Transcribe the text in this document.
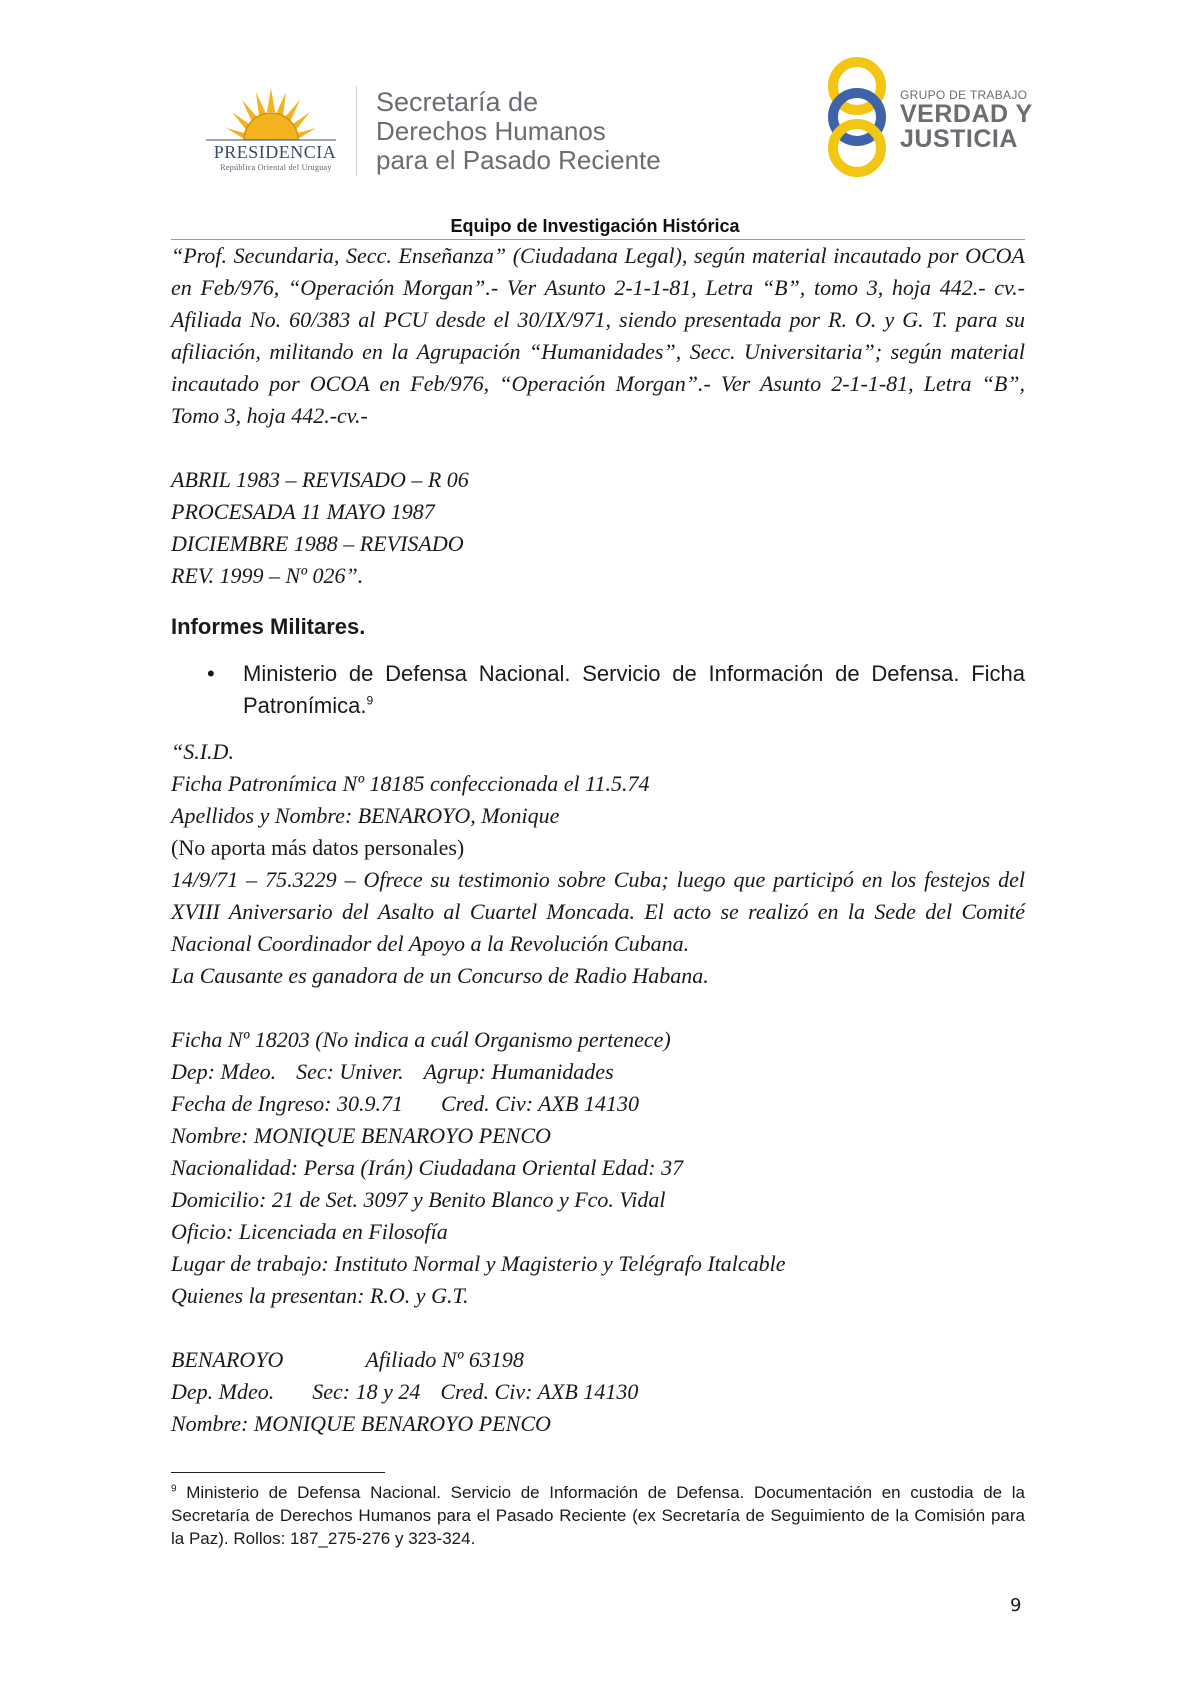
PRESIDENCIA
República Oriental del Uruguay
Secretaría de
Derechos Humanos
para el Pasado Reciente
GRUPO DE TRABAJO
VERDAD Y
JUSTICIA
Equipo de Investigación Histórica

“Prof. Secundaria, Secc. Enseñanza” (Ciudadana Legal), según material incautado por OCOA en Feb/976, “Operación Morgan”.- Ver Asunto 2-1-1-81, Letra “B”, tomo 3, hoja 442.- cv.- Afiliada No. 60/383 al PCU desde el 30/IX/971, siendo presentada por R. O. y G. T. para su afiliación, militando en la Agrupación “Humanidades”, Secc. Universitaria”; según material incautado por OCOA en Feb/976, “Operación Morgan”.- Ver Asunto 2-1-1-81, Letra “B”, Tomo 3, hoja 442.-cv.-

ABRIL 1983 – REVISADO – R 06

PROCESADA 11 MAYO 1987

DICIEMBRE 1988 – REVISADO

REV. 1999 – Nº 026”.

Informes Militares.
•	Ministerio de Defensa Nacional. Servicio de Información de Defensa. Ficha Patronímica.$^9$

“S.I.D.

Ficha Patronímica Nº 18185 confeccionada el 11.5.74

Apellidos y Nombre: BENAROYO, Monique

(No aporta más datos personales)

14/9/71 – 75.3229 – Ofrece su testimonio sobre Cuba; luego que participó en los festejos del XVIII Aniversario del Asalto al Cuartel Moncada. El acto se realizó en la Sede del Comité Nacional Coordinador del Apoyo a la Revolución Cubana.

La Causante es ganadora de un Concurso de Radio Habana.

Ficha Nº 18203 (No indica a cuál Organismo pertenece)

Dep: Mdeo. Sec: Univer. Agrup: Humanidades

Fecha de Ingreso: 30.9.71 Cred. Civ: AXB 14130

Nombre: MONIQUE BENAROYO PENCO

Nacionalidad: Persa (Irán) Ciudadana Oriental Edad: 37

Domicilio: 21 de Set. 3097 y Benito Blanco y Fco. Vidal

Oficio: Licenciada en Filosofía

Lugar de trabajo: Instituto Normal y Magisterio y Telégrafo Italcable

Quienes la presentan: R.O. y G.T.

BENAROYO	Afiliado Nº 63198

Dep. Mdeo. Sec: 18 y 24 Cred. Civ: AXB 14130

Nombre: MONIQUE BENAROYO PENCO

$^9$ Ministerio de Defensa Nacional. Servicio de Información de Defensa. Documentación en custodia de la Secretaría de Derechos Humanos para el Pasado Reciente (ex Secretaría de Seguimiento de la Comisión para la Paz). Rollos: 187_275-276 y 323-324.
9
